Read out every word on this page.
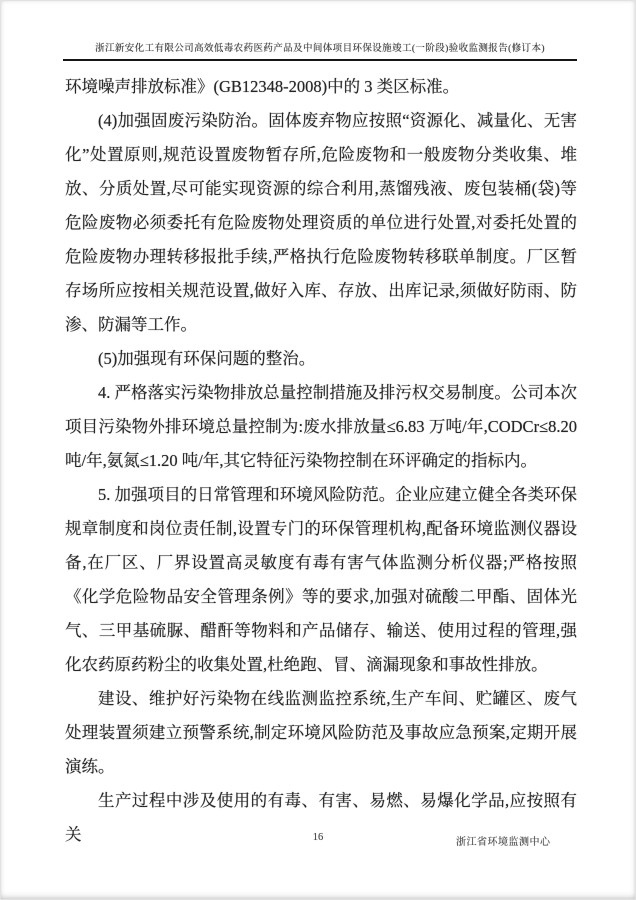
浙江新安化工有限公司高效低毒农药医药产品及中间体项目环保设施竣工(一阶段)验收监测报告(修订本)

环境噪声排放标准》(GB12348-2008)中的 3 类区标准。

(4)加强固废污染防治。固体废弃物应按照“资源化、减量化、无害化”处置原则,规范设置废物暂存所,危险废物和一般废物分类收集、堆放、分质处置,尽可能实现资源的综合利用,蒸馏残液、废包装桶(袋)等危险废物必须委托有危险废物处理资质的单位进行处置,对委托处置的危险废物办理转移报批手续,严格执行危险废物转移联单制度。厂区暂存场所应按相关规范设置,做好入库、存放、出库记录,须做好防雨、防渗、防漏等工作。

(5)加强现有环保问题的整治。

4. 严格落实污染物排放总量控制措施及排污权交易制度。公司本次项目污染物外排环境总量控制为:废水排放量≤6.83 万吨/年,CODCr≤8.20 吨/年,氨氮≤1.20 吨/年,其它特征污染物控制在环评确定的指标内。

5. 加强项目的日常管理和环境风险防范。企业应建立健全各类环保规章制度和岗位责任制,设置专门的环保管理机构,配备环境监测仪器设备,在厂区、厂界设置高灵敏度有毒有害气体监测分析仪器;严格按照《化学危险物品安全管理条例》等的要求,加强对硫酸二甲酯、固体光气、三甲基硫脲、醋酐等物料和产品储存、输送、使用过程的管理,强化农药原药粉尘的收集处置,杜绝跑、冒、滴漏现象和事故性排放。

建设、维护好污染物在线监测监控系统,生产车间、贮罐区、废气处理装置须建立预警系统,制定环境风险防范及事故应急预案,定期开展演练。

生产过程中涉及使用的有毒、有害、易燃、易爆化学品,应按照有关	16	浙江省环境监测中心
